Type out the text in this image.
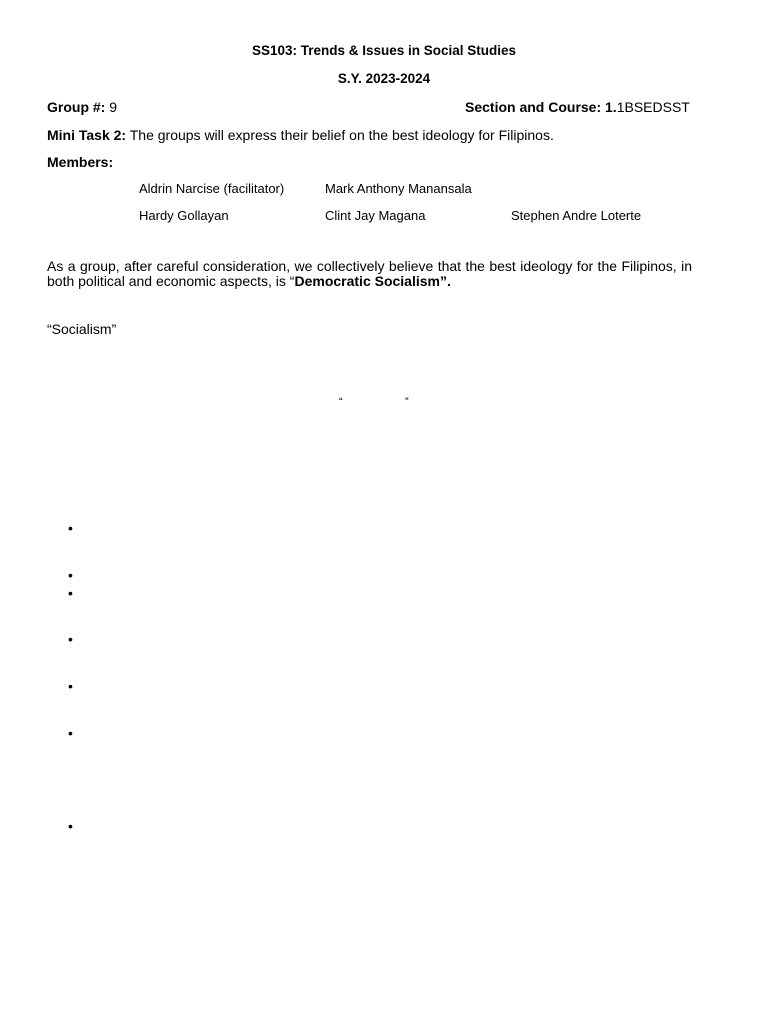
SS103: Trends & Issues in Social Studies
S.Y. 2023-2024
Group #: 9	Section and Course: 1.1BSEDSST
Mini Task 2: The groups will express their belief on the best ideology for Filipinos.
Members:
Aldrin Narcise (facilitator)	Mark Anthony Manansala
Hardy Gollayan	Clint Jay Magana	Stephen Andre Loterte
As a group, after careful consideration, we collectively believe that the best ideology for the Filipinos, in both political and economic aspects, is “Democratic Socialism”.
“Socialism”
“	”
•
•
•
•
•
•
•
